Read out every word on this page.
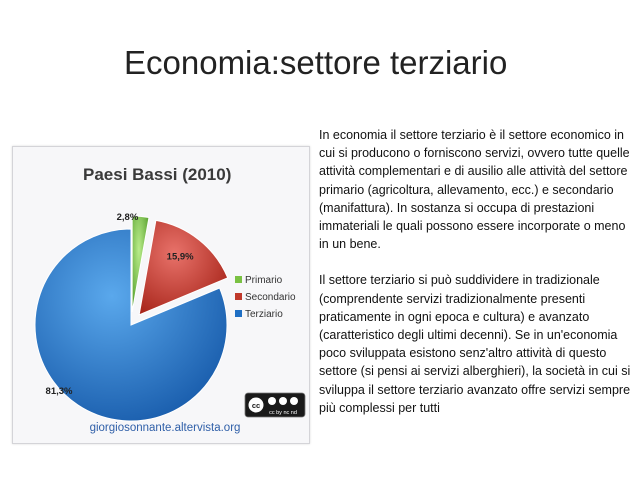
Economia:settore terziario
Paesi Bassi (2010)
2,8%
15,9%
81,3%
Primario
Secondario
Terziario
cc
cc by nc nd
giorgiosonnante.altervista.org

In economia il settore terziario è il settore economico in cui si producono o forniscono servizi, ovvero tutte quelle attività complementari e di ausilio alle attività del settore primario (agricoltura, allevamento, ecc.) e secondario (manifattura). In sostanza si occupa di prestazioni immateriali le quali possono essere incorporate o meno in un bene.

Il settore terziario si può suddividere in tradizionale (comprendente servizi tradizionalmente presenti praticamente in ogni epoca e cultura) e avanzato (caratteristico degli ultimi decenni). Se in un'economia poco sviluppata esistono senz'altro attività di questo settore (si pensi ai servizi alberghieri), la società in cui si sviluppa il settore terziario avanzato offre servizi sempre più complessi per tutti
